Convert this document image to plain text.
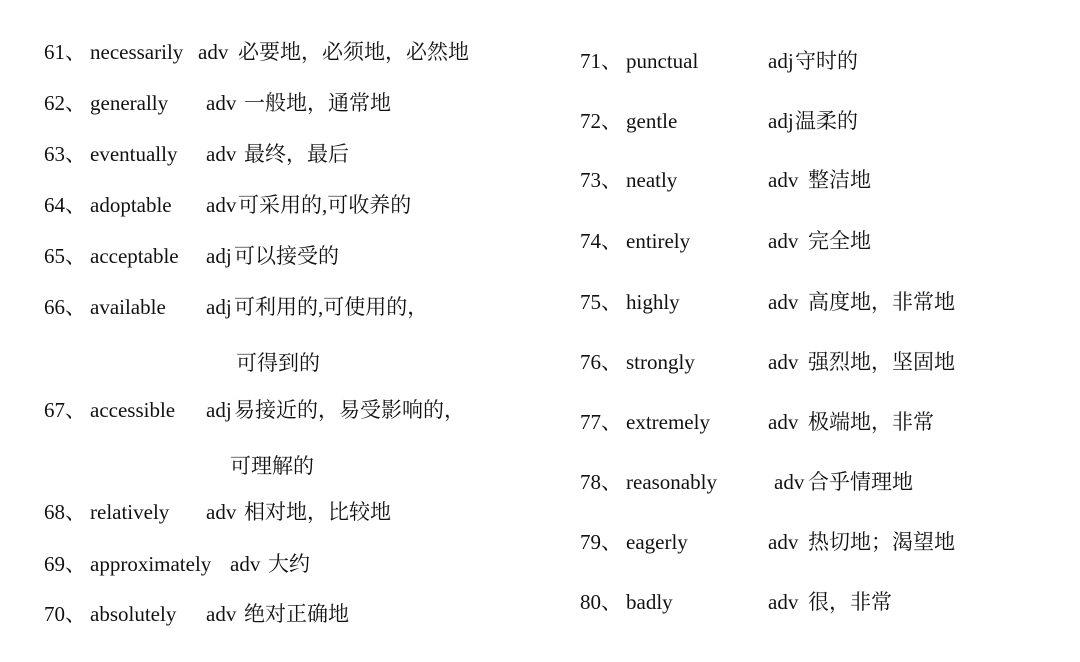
61、 necessarily adv 必要地，必须地，必然地
62、 generally adv 一般地，通常地
63、 eventually adv 最终，最后
64、 adoptable adv 可采用的,可收养的
65、 acceptable adj 可以接受的
66、 available adj 可利用的,可使用的，
可得到的
67、 accessible adj 易接近的，易受影响的，
可理解的
68、 relatively adv 相对地，比较地
69、 approximately adv 大约
70、 absolutely adv 绝对正确地
71、 punctual	adj 守时的
72、 gentle	adj 温柔的
73、 neatly	adv 整洁地
74、 entirely	adv 完全地
75、 highly	adv 高度地，非常地
76、 strongly	adv 强烈地，坚固地
77、 extremely	adv 极端地，非常
78、 reasonably	adv 合乎情理地
79、 eagerly	adv 热切地；渴望地
80、 badly	adv 很，非常
